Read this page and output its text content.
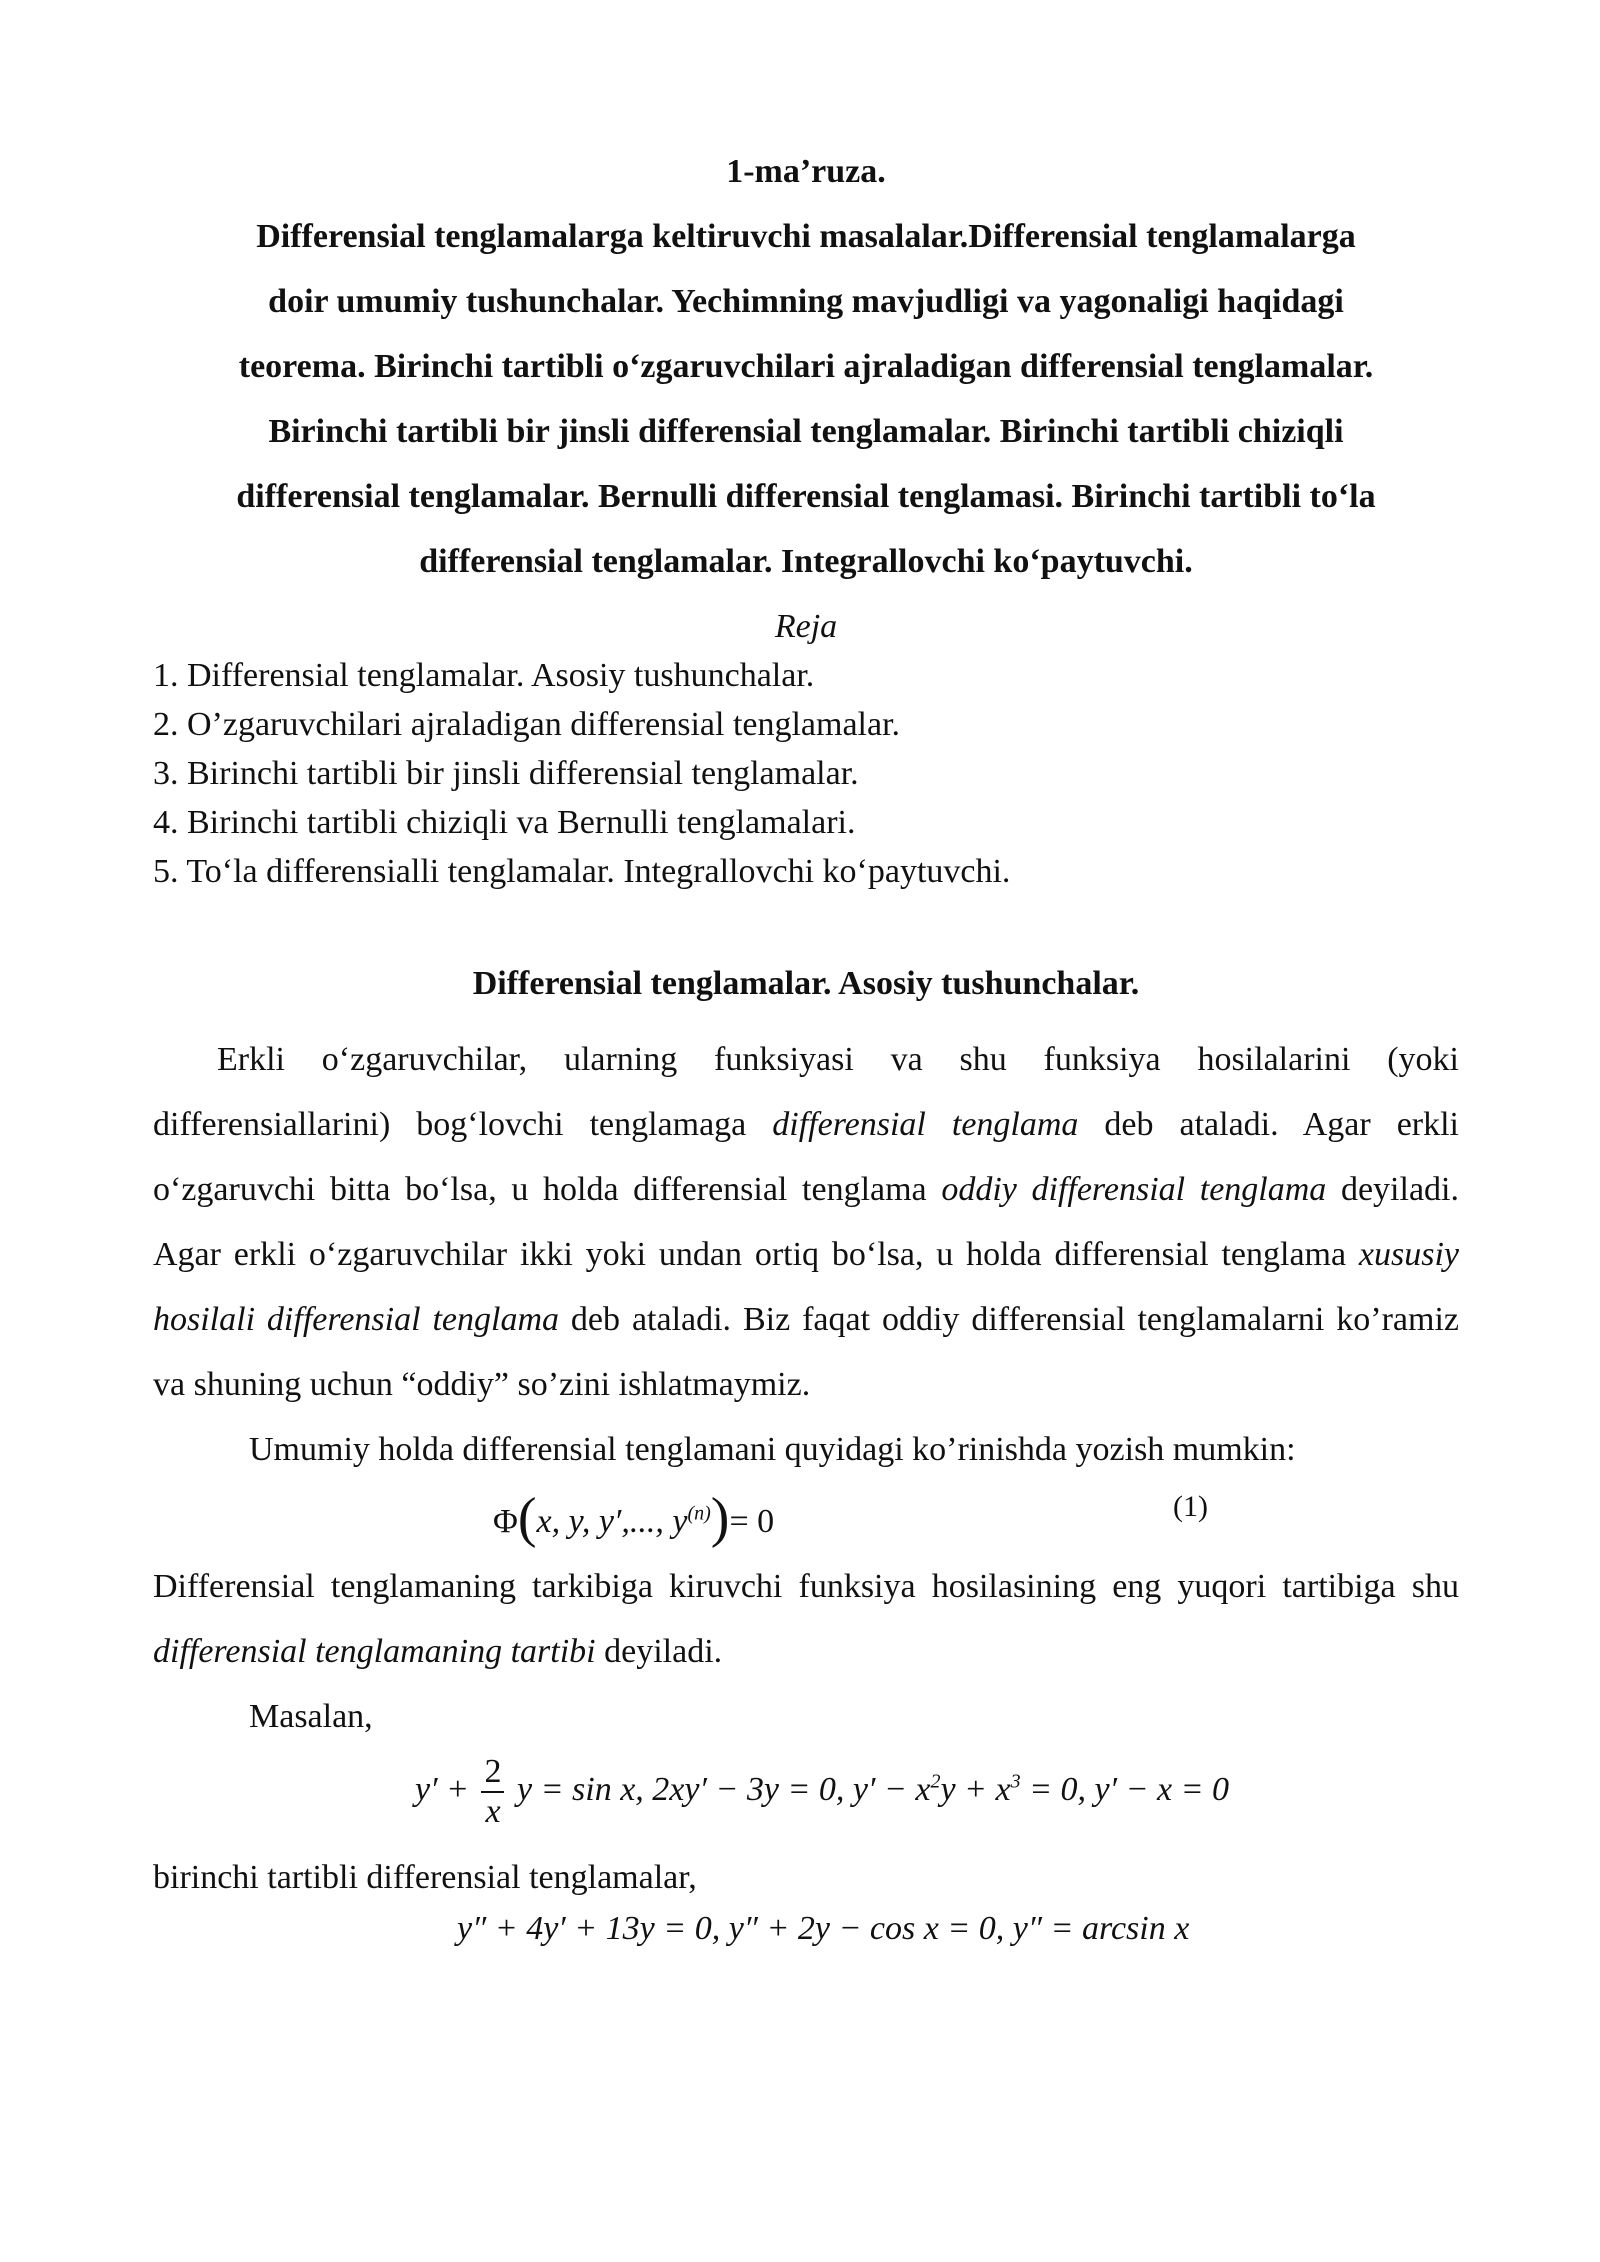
1-ma’ruza.
Differensial tenglamalarga keltiruvchi masalalar.Differensial tenglamalarga
doir umumiy tushunchalar. Yechimning mavjudligi va yagonaligi haqidagi
teorema. Birinchi tartibli o‘zgaruvchilari ajraladigan differensial tenglamalar.
Birinchi tartibli bir jinsli differensial tenglamalar. Birinchi tartibli chiziqli
differensial tenglamalar. Bernulli differensial tenglamasi. Birinchi tartibli to‘la
differensial tenglamalar. Integrallovchi ko‘paytuvchi.
Reja
1. Differensial tenglamalar. Asosiy tushunchalar.
2. O’zgaruvchilari ajraladigan differensial tenglamalar.
3. Birinchi tartibli bir jinsli differensial tenglamalar.
4. Birinchi tartibli chiziqli va Bernulli tenglamalari.
5. To‘la differensialli tenglamalar. Integrallovchi ko‘paytuvchi.
Differensial tenglamalar. Asosiy tushunchalar.

Erkli o‘zgaruvchilar, ularning funksiyasi va shu funksiya hosilalarini (yoki differensiallarini) bog‘lovchi tenglamaga differensial tenglama deb ataladi. Agar erkli o‘zgaruvchi bitta bo‘lsa, u holda differensial tenglama oddiy differensial tenglama deyiladi. Agar erkli o‘zgaruvchilar ikki yoki undan ortiq bo‘lsa, u holda differensial tenglama xususiy hosilali differensial tenglama deb ataladi. Biz faqat oddiy differensial tenglamalarni ko’ramiz va shuning uchun “oddiy” so’zini ishlatmaymiz.

Umumiy holda differensial tenglamani quyidagi ko’rinishda yozish mumkin:

Φ(x, y, y′,..., $y^{(n)})= 0$	(1)

Differensial tenglamaning tarkibiga kiruvchi funksiya hosilasining eng yuqori tartibiga shu differensial tenglamaning tartibi deyiladi.

Masalan,

$y' + \frac{2}{x}$ y = sin x, 2xy′ − 3y = 0, $y' - x^2y + x^3 = 0$, y′ − x = 0

birinchi tartibli differensial tenglamalar,

y″ + 4y′ + 13y = 0, y″ + 2y − cos x = 0, y″ = arcsin x
